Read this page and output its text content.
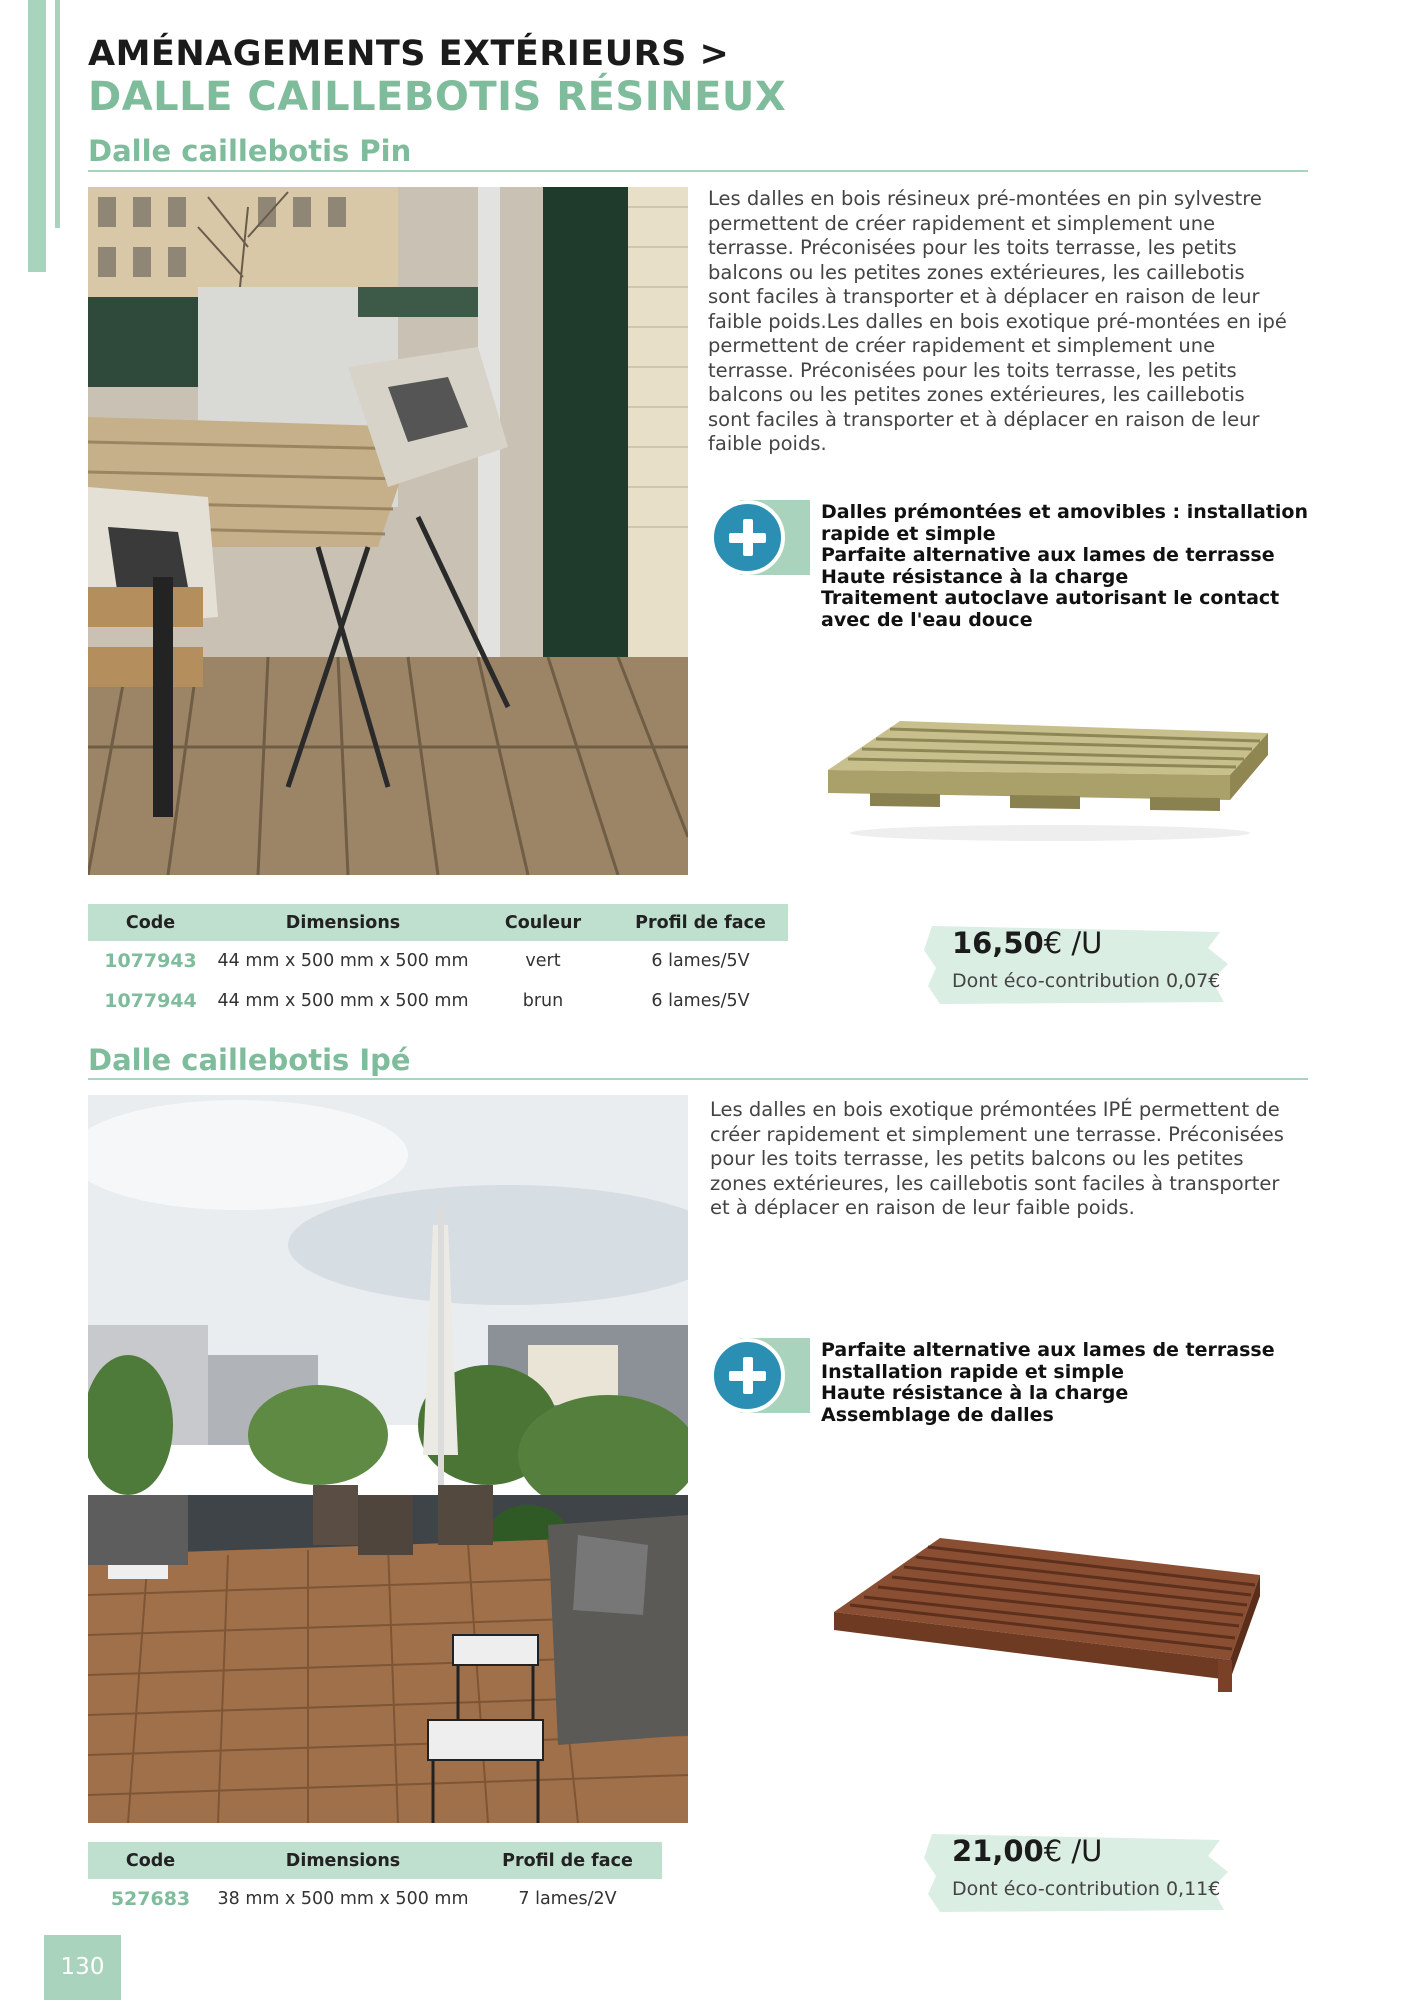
AMÉNAGEMENTS EXTÉRIEURS >
DALLE CAILLEBOTIS RÉSINEUX
Dalle caillebotis Pin
Les dalles en bois résineux pré-montées en pin sylvestre permettent de créer rapidement et simplement une terrasse. Préconisées pour les toits terrasse, les petits balcons ou les petites zones extérieures, les caillebotis sont faciles à transporter et à déplacer en raison de leur faible poids.Les dalles en bois exotique pré-montées en ipé permettent de créer rapidement et simplement une terrasse. Préconisées pour les toits terrasse, les petits balcons ou les petites zones extérieures, les caillebotis sont faciles à transporter et à déplacer en raison de leur faible poids.
Dalles prémontées et amovibles : installation
rapide et simple
Parfaite alternative aux lames de terrasse
Haute résistance à la charge
Traitement autoclave autorisant le contact
avec de l'eau douce
Code	Dimensions	Couleur	Profil de face
1077943	44 mm x 500 mm x 500 mm	vert	6 lames/5V
1077944	44 mm x 500 mm x 500 mm	brun	6 lames/5V
16,50€ /U
Dont éco-contribution 0,07€
Dalle caillebotis Ipé
Les dalles en bois exotique prémontées IPÉ permettent de créer rapidement et simplement une terrasse. Préconisées pour les toits terrasse, les petits balcons ou les petites zones extérieures, les caillebotis sont faciles à transporter et à déplacer en raison de leur faible poids.
Parfaite alternative aux lames de terrasse
Installation rapide et simple
Haute résistance à la charge
Assemblage de dalles
Code	Dimensions	Profil de face
527683	38 mm x 500 mm x 500 mm	7 lames/2V
21,00€ /U
Dont éco-contribution 0,11€
130
